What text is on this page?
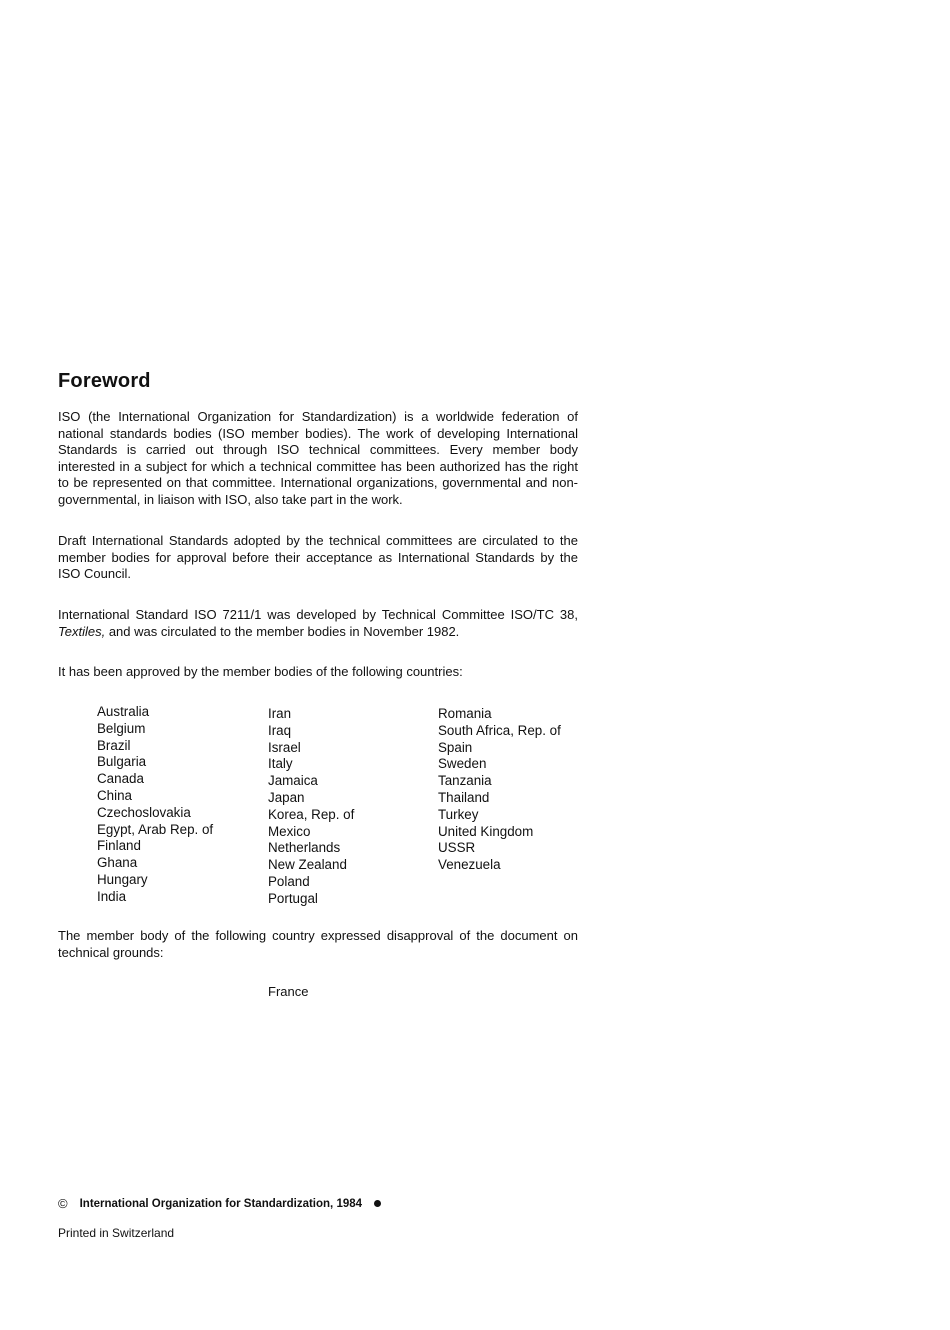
Foreword

ISO (the International Organization for Standardization) is a worldwide federation of national standards bodies (ISO member bodies). The work of developing International Standards is carried out through ISO technical committees. Every member body interested in a subject for which a technical committee has been authorized has the right to be represented on that committee. International organizations, governmental and non-governmental, in liaison with ISO, also take part in the work.

Draft International Standards adopted by the technical committees are circulated to the member bodies for approval before their acceptance as International Standards by the ISO Council.

International Standard ISO 7211/1 was developed by Technical Committee ISO/TC 38, Textiles, and was circulated to the member bodies in November 1982.

It has been approved by the member bodies of the following countries:

Australia
Belgium
Brazil
Bulgaria
Canada
China
Czechoslovakia
Egypt, Arab Rep. of
Finland
Ghana
Hungary
India
Iran
Iraq
Israel
Italy
Jamaica
Japan
Korea, Rep. of
Mexico
Netherlands
New Zealand
Poland
Portugal
Romania
South Africa, Rep. of
Spain
Sweden
Tanzania
Thailand
Turkey
United Kingdom
USSR
Venezuela

The member body of the following country expressed disapproval of the document on technical grounds:

France

© International Organization for Standardization, 1984

Printed in Switzerland
